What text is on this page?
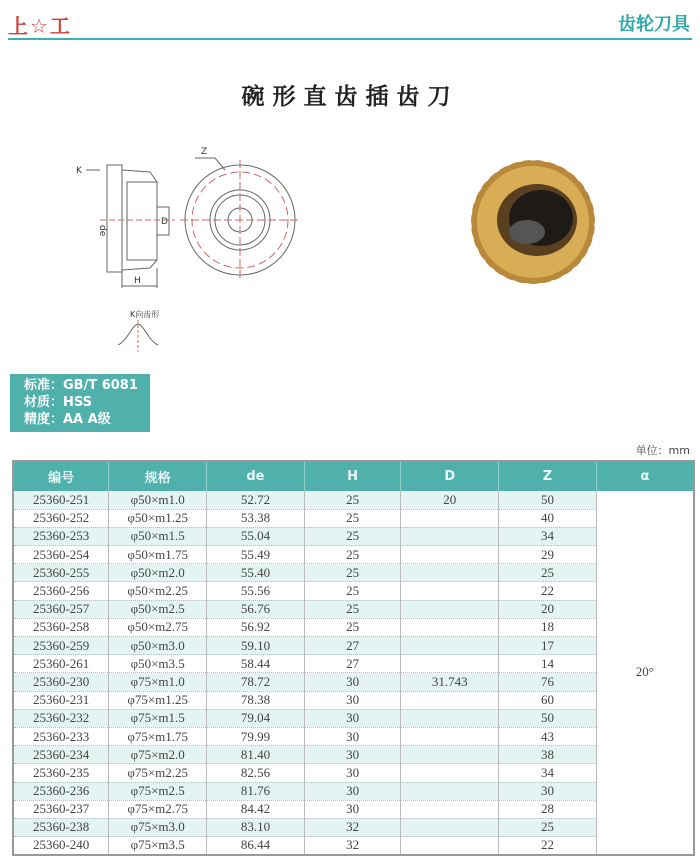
上☆工	齿轮刀具
碗形直齿插齿刀
K
H
de
D
Z
K向齿形
标准：GB/T 6081
材质：HSS
精度：AA A级
单位：mm
编号	规格	de	H	D	Z	α
25360-251	φ50×m1.0	52.72	25	20	50	20°
25360-252	φ50×m1.25	53.38	25		40	
25360-253	φ50×m1.5	55.04	25		34	
25360-254	φ50×m1.75	55.49	25		29	
25360-255	φ50×m2.0	55.40	25		25	
25360-256	φ50×m2.25	55.56	25		22	
25360-257	φ50×m2.5	56.76	25		20	
25360-258	φ50×m2.75	56.92	25		18	
25360-259	φ50×m3.0	59.10	27		17	
25360-261	φ50×m3.5	58.44	27		14	
25360-230	φ75×m1.0	78.72	30	31.743	76	
25360-231	φ75×m1.25	78.38	30		60	
25360-232	φ75×m1.5	79.04	30		50	
25360-233	φ75×m1.75	79.99	30		43	
25360-234	φ75×m2.0	81.40	30		38	
25360-235	φ75×m2.25	82.56	30		34	
25360-236	φ75×m2.5	81.76	30		30	
25360-237	φ75×m2.75	84.42	30		28	
25360-238	φ75×m3.0	83.10	32		25	
25360-240	φ75×m3.5	86.44	32		22	
